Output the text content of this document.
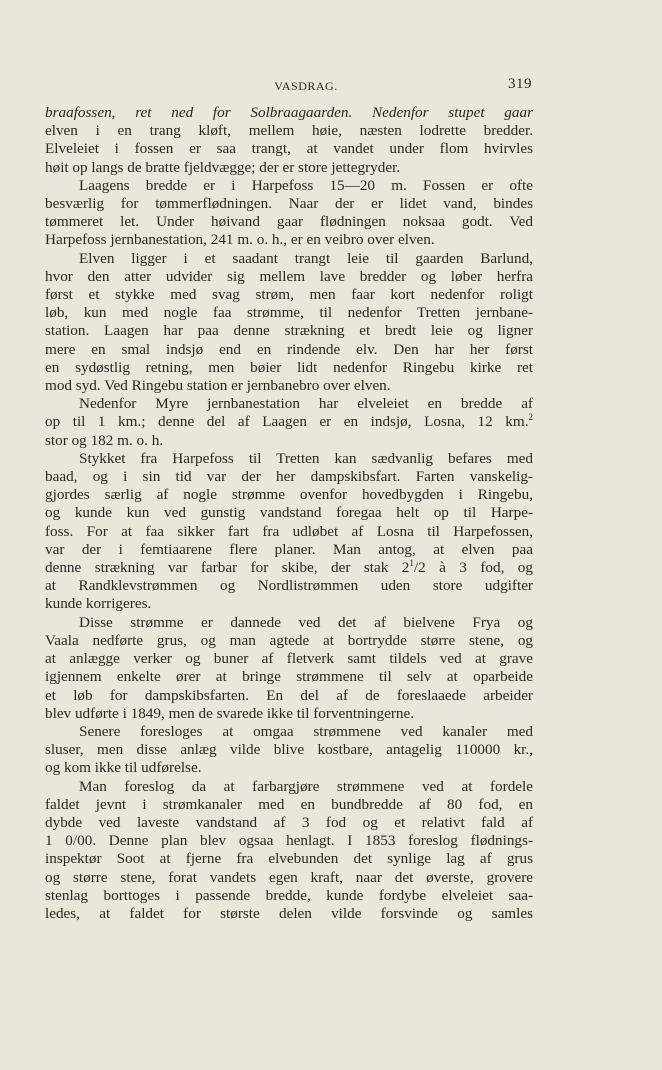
VASDRAG.	319
braafossen, ret ned for Solbraagaarden. Nedenfor stupet gaar
elven i en trang kløft, mellem høie, næsten lodrette bredder.
Elveleiet i fossen er saa trangt, at vandet under flom hvirvles
høit op langs de bratte fjeldvægge; der er store jettegryder.
Laagens bredde er i Harpefoss 15—20 m. Fossen er ofte
besværlig for tømmerflødningen. Naar der er lidet vand, bindes
tømmeret let. Under høivand gaar flødningen noksaa godt. Ved
Harpefoss jernbanestation, 241 m. o. h., er en veibro over elven.
Elven ligger i et saadant trangt leie til gaarden Barlund,
hvor den atter udvider sig mellem lave bredder og løber herfra
først et stykke med svag strøm, men faar kort nedenfor roligt
løb, kun med nogle faa strømme, til nedenfor Tretten jernbane-
station. Laagen har paa denne strækning et bredt leie og ligner
mere en smal indsjø end en rindende elv. Den har her først
en sydøstlig retning, men bøier lidt nedenfor Ringebu kirke ret
mod syd. Ved Ringebu station er jernbanebro over elven.
Nedenfor Myre jernbanestation har elveleiet en bredde af
op til 1 km.; denne del af Laagen er en indsjø, Losna, 12 km.$^2$
stor og 182 m. o. h.
Stykket fra Harpefoss til Tretten kan sædvanlig befares med
baad, og i sin tid var der her dampskibsfart. Farten vanskelig-
gjordes særlig af nogle strømme ovenfor hovedbygden i Ringebu,
og kunde kun ved gunstig vandstand foregaa helt op til Harpe-
foss. For at faa sikker fart fra udløbet af Losna til Harpefossen,
var der i femtiaarene flere planer. Man antog, at elven paa
denne strækning var farbar for skibe, der stak $2^1/2$ à 3 fod, og
at Randklevstrømmen og Nordlistrømmen uden store udgifter
kunde korrigeres.
Disse strømme er dannede ved det af bielvene Frya og
Vaala nedførte grus, og man agtede at bortrydde større stene, og
at anlægge verker og buner af fletverk samt tildels ved at grave
igjennem enkelte ører at bringe strømmene til selv at oparbeide
et løb for dampskibsfarten. En del af de foreslaaede arbeider
blev udførte i 1849, men de svarede ikke til forventningerne.
Senere foresloges at omgaa strømmene ved kanaler med
sluser, men disse anlæg vilde blive kostbare, antagelig 110000 kr.,
og kom ikke til udførelse.
Man foreslog da at farbargjøre strømmene ved at fordele
faldet jevnt i strømkanaler med en bundbredde af 80 fod, en
dybde ved laveste vandstand af 3 fod og et relativt fald af
1 0/00. Denne plan blev ogsaa henlagt. I 1853 foreslog flødnings-
inspektør Soot at fjerne fra elvebunden det synlige lag af grus
og større stene, forat vandets egen kraft, naar det øverste, grovere
stenlag borttoges i passende bredde, kunde fordybe elveleiet saa-
ledes, at faldet for største delen vilde forsvinde og samles
